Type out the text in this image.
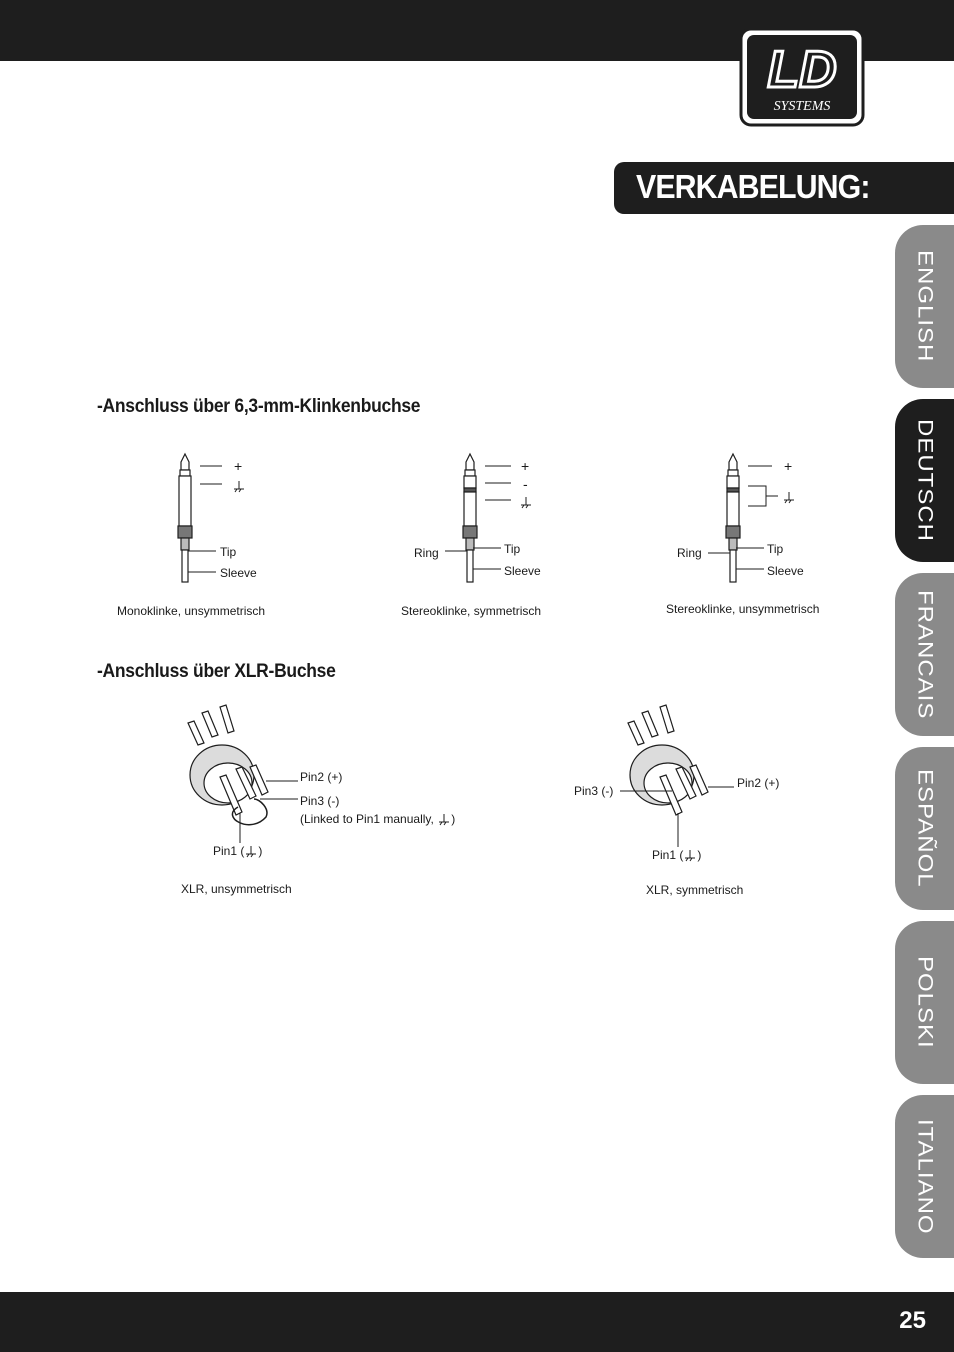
LD
SYSTEMS
VERKABELUNG:
ENGLISH
DEUTSCH
FRANCAIS
ESPAÑOL
POLSKI
ITALIANO
-Anschluss über 6,3-mm-Klinkenbuchse
+
Tip
Sleeve
Monoklinke, unsymmetrisch
+
-
Ring	Tip
Sleeve
Stereoklinke, symmetrisch
+
Ring	Tip
Sleeve
Stereoklinke, unsymmetrisch
-Anschluss über XLR-Buchse
Pin2 (+)
Pin3 (-)
(Linked to Pin1 manually, )
Pin1 ( )
XLR, unsymmetrisch
Pin3 (-)
Pin2 (+)
Pin1 ( )
XLR, symmetrisch
25
